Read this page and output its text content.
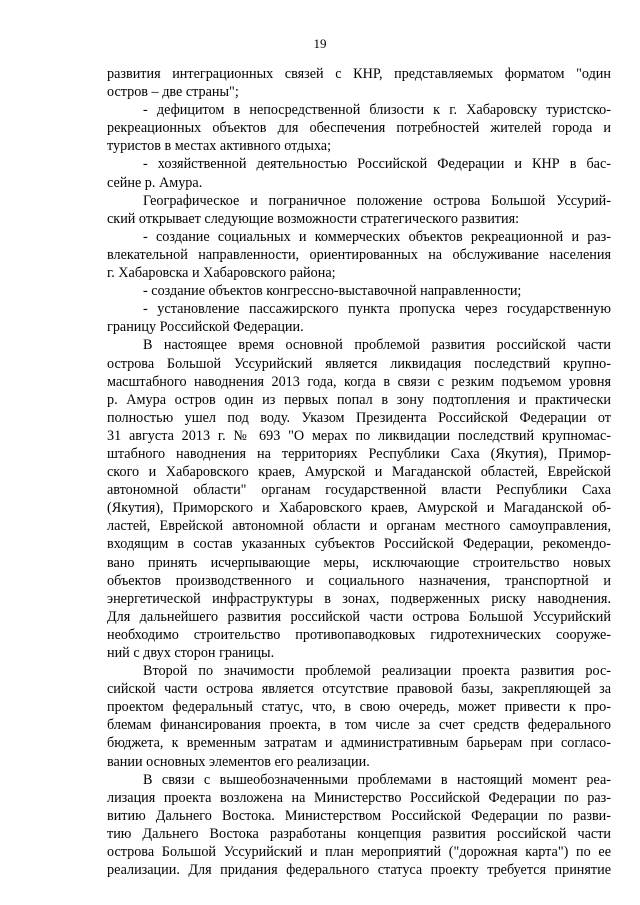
19
развития интеграционных связей с КНР, представляемых форматом "один
остров – две страны";
- дефицитом в непосредственной близости к г. Хабаровску туристско-
рекреационных объектов для обеспечения потребностей жителей города и
туристов в местах активного отдыха;
- хозяйственной деятельностью Российской Федерации и КНР в бас-
сейне р. Амура.
Географическое и пограничное положение острова Большой Уссурий-
ский открывает следующие возможности стратегического развития:
- создание социальных и коммерческих объектов рекреационной и раз-
влекательной направленности, ориентированных на обслуживание населения
г. Хабаровска и Хабаровского района;
- создание объектов конгрессно-выставочной направленности;
- установление пассажирского пункта пропуска через государственную
границу Российской Федерации.
В настоящее время основной проблемой развития российской части
острова Большой Уссурийский является ликвидация последствий крупно-
масштабного наводнения 2013 года, когда в связи с резким подъемом уровня
р. Амура остров один из первых попал в зону подтопления и практически
полностью ушел под воду. Указом Президента Российской Федерации от
31 августа 2013 г. № 693 "О мерах по ликвидации последствий крупномас-
штабного наводнения на территориях Республики Саха (Якутия), Примор-
ского и Хабаровского краев, Амурской и Магаданской областей, Еврейской
автономной области" органам государственной власти Республики Саха
(Якутия), Приморского и Хабаровского краев, Амурской и Магаданской об-
ластей, Еврейской автономной области и органам местного самоуправления,
входящим в состав указанных субъектов Российской Федерации, рекомендо-
вано принять исчерпывающие меры, исключающие строительство новых
объектов производственного и социального назначения, транспортной и
энергетической инфраструктуры в зонах, подверженных риску наводнения.
Для дальнейшего развития российской части острова Большой Уссурийский
необходимо строительство противопаводковых гидротехнических сооруже-
ний с двух сторон границы.
Второй по значимости проблемой реализации проекта развития рос-
сийской части острова является отсутствие правовой базы, закрепляющей за
проектом федеральный статус, что, в свою очередь, может привести к про-
блемам финансирования проекта, в том числе за счет средств федерального
бюджета, к временным затратам и административным барьерам при согласо-
вании основных элементов его реализации.
В связи с вышеобозначенными проблемами в настоящий момент реа-
лизация проекта возложена на Министерство Российской Федерации по раз-
витию Дальнего Востока. Министерством Российской Федерации по разви-
тию Дальнего Востока разработаны концепция развития российской части
острова Большой Уссурийский и план мероприятий ("дорожная карта") по ее
реализации. Для придания федерального статуса проекту требуется принятие
